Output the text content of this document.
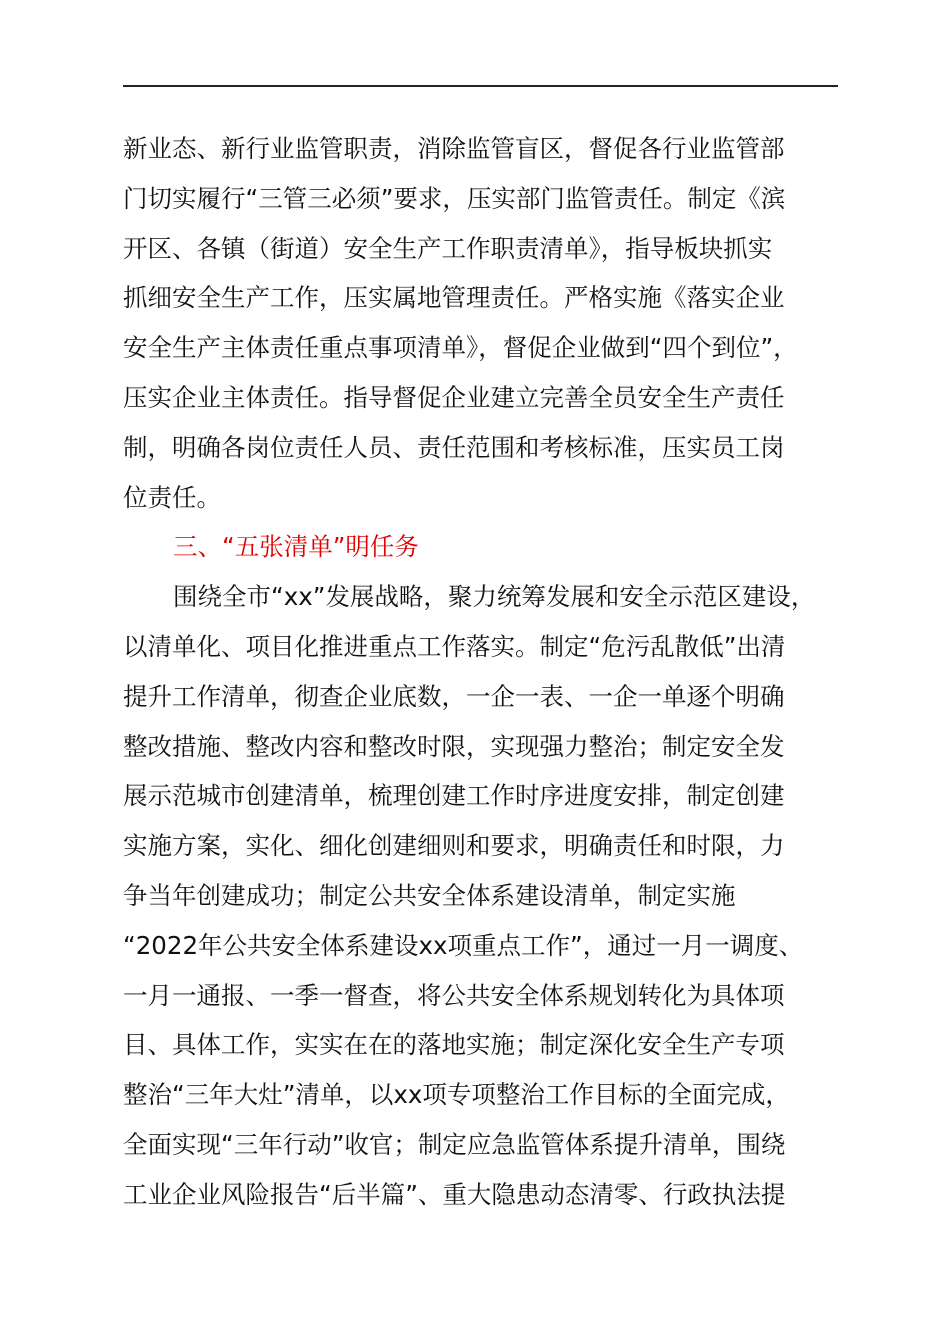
新业态、新行业监管职责，消除监管盲区，督促各行业监管部
门切实履行“三管三必须”要求，压实部门监管责任。制定《滨
开区、各镇（街道）安全生产工作职责清单》，指导板块抓实
抓细安全生产工作，压实属地管理责任。严格实施《落实企业
安全生产主体责任重点事项清单》，督促企业做到“四个到位”，
压实企业主体责任。指导督促企业建立完善全员安全生产责任
制，明确各岗位责任人员、责任范围和考核标准，压实员工岗
位责任。
三、“五张清单”明任务
围绕全市“xx”发展战略，聚力统筹发展和安全示范区建设，
以清单化、项目化推进重点工作落实。制定“危污乱散低”出清
提升工作清单，彻查企业底数，一企一表、一企一单逐个明确
整改措施、整改内容和整改时限，实现强力整治；制定安全发
展示范城市创建清单，梳理创建工作时序进度安排，制定创建
实施方案，实化、细化创建细则和要求，明确责任和时限，力
争当年创建成功；制定公共安全体系建设清单，制定实施
“2022年公共安全体系建设xx项重点工作”，通过一月一调度、
一月一通报、一季一督查，将公共安全体系规划转化为具体项
目、具体工作，实实在在的落地实施；制定深化安全生产专项
整治“三年大灶”清单，以xx项专项整治工作目标的全面完成，
全面实现“三年行动”收官；制定应急监管体系提升清单，围绕
工业企业风险报告“后半篇”、重大隐患动态清零、行政执法提
